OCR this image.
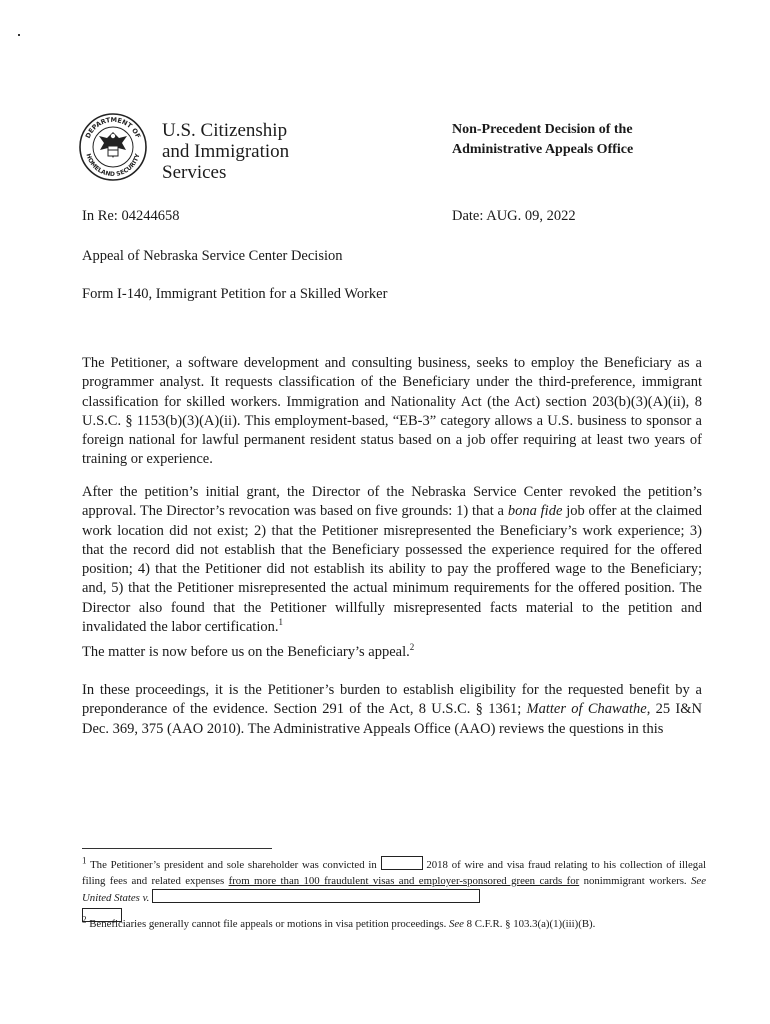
DEPARTMENT OF
HOMELAND SECURITY
U.S. Citizenship
and Immigration
Services
Non-Precedent Decision of the
Administrative Appeals Office
In Re: 04244658	Date: AUG. 09, 2022
Appeal of Nebraska Service Center Decision
Form I-140, Immigrant Petition for a Skilled Worker
The Petitioner, a software development and consulting business, seeks to employ the Beneficiary as a programmer analyst. It requests classification of the Beneficiary under the third-preference, immigrant classification for skilled workers. Immigration and Nationality Act (the Act) section 203(b)(3)(A)(ii), 8 U.S.C. § 1153(b)(3)(A)(ii). This employment-based, “EB-3” category allows a U.S. business to sponsor a foreign national for lawful permanent resident status based on a job offer requiring at least two years of training or experience.
After the petition’s initial grant, the Director of the Nebraska Service Center revoked the petition’s approval. The Director’s revocation was based on five grounds: 1) that a bona fide job offer at the claimed work location did not exist; 2) that the Petitioner misrepresented the Beneficiary’s work experience; 3) that the record did not establish that the Beneficiary possessed the experience required for the offered position; 4) that the Petitioner did not establish its ability to pay the proffered wage to the Beneficiary; and, 5) that the Petitioner misrepresented the actual minimum requirements for the offered position. The Director also found that the Petitioner willfully misrepresented facts material to the petition and invalidated the labor certification.$^1$
The matter is now before us on the Beneficiary’s appeal.$^2$
In these proceedings, it is the Petitioner’s burden to establish eligibility for the requested benefit by a preponderance of the evidence. Section 291 of the Act, 8 U.S.C. § 1361; Matter of Chawathe, 25 I&N Dec. 369, 375 (AAO 2010). The Administrative Appeals Office (AAO) reviews the questions in this
$^1$ The Petitioner’s president and sole shareholder was convicted in	2018 of wire and visa fraud relating to his collection of illegal filing fees and related expenses from more than 100 fraudulent visas and employer-sponsored green cards for nonimmigrant workers. See United States v.

$^2$ Beneficiaries generally cannot file appeals or motions in visa petition proceedings. See 8 C.F.R. § 103.3(a)(1)(iii)(B).
